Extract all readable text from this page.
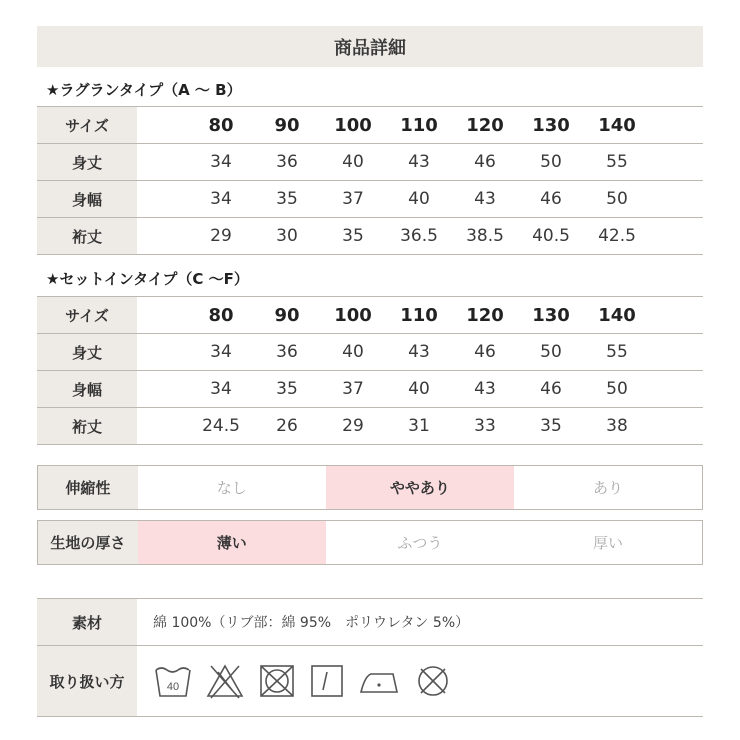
商品詳細
★ラグランタイプ（A ～ B）
サイズ		80	90	100	110	120	130	140	
身丈		34	36	40	43	46	50	55	
身幅		34	35	37	40	43	46	50	
裄丈		29	30	35	36.5	38.5	40.5	42.5	
★セットインタイプ（C ～F）
サイズ		80	90	100	110	120	130	140	
身丈		34	36	40	43	46	50	55	
身幅		34	35	37	40	43	46	50	
裄丈		24.5	26	29	31	33	35	38	
伸縮性	なし	ややあり	あり
生地の厚さ	薄い	ふつう	厚い
素材	綿 100%（リブ部：綿 95%　ポリウレタン 5%）
取り扱い方	40
